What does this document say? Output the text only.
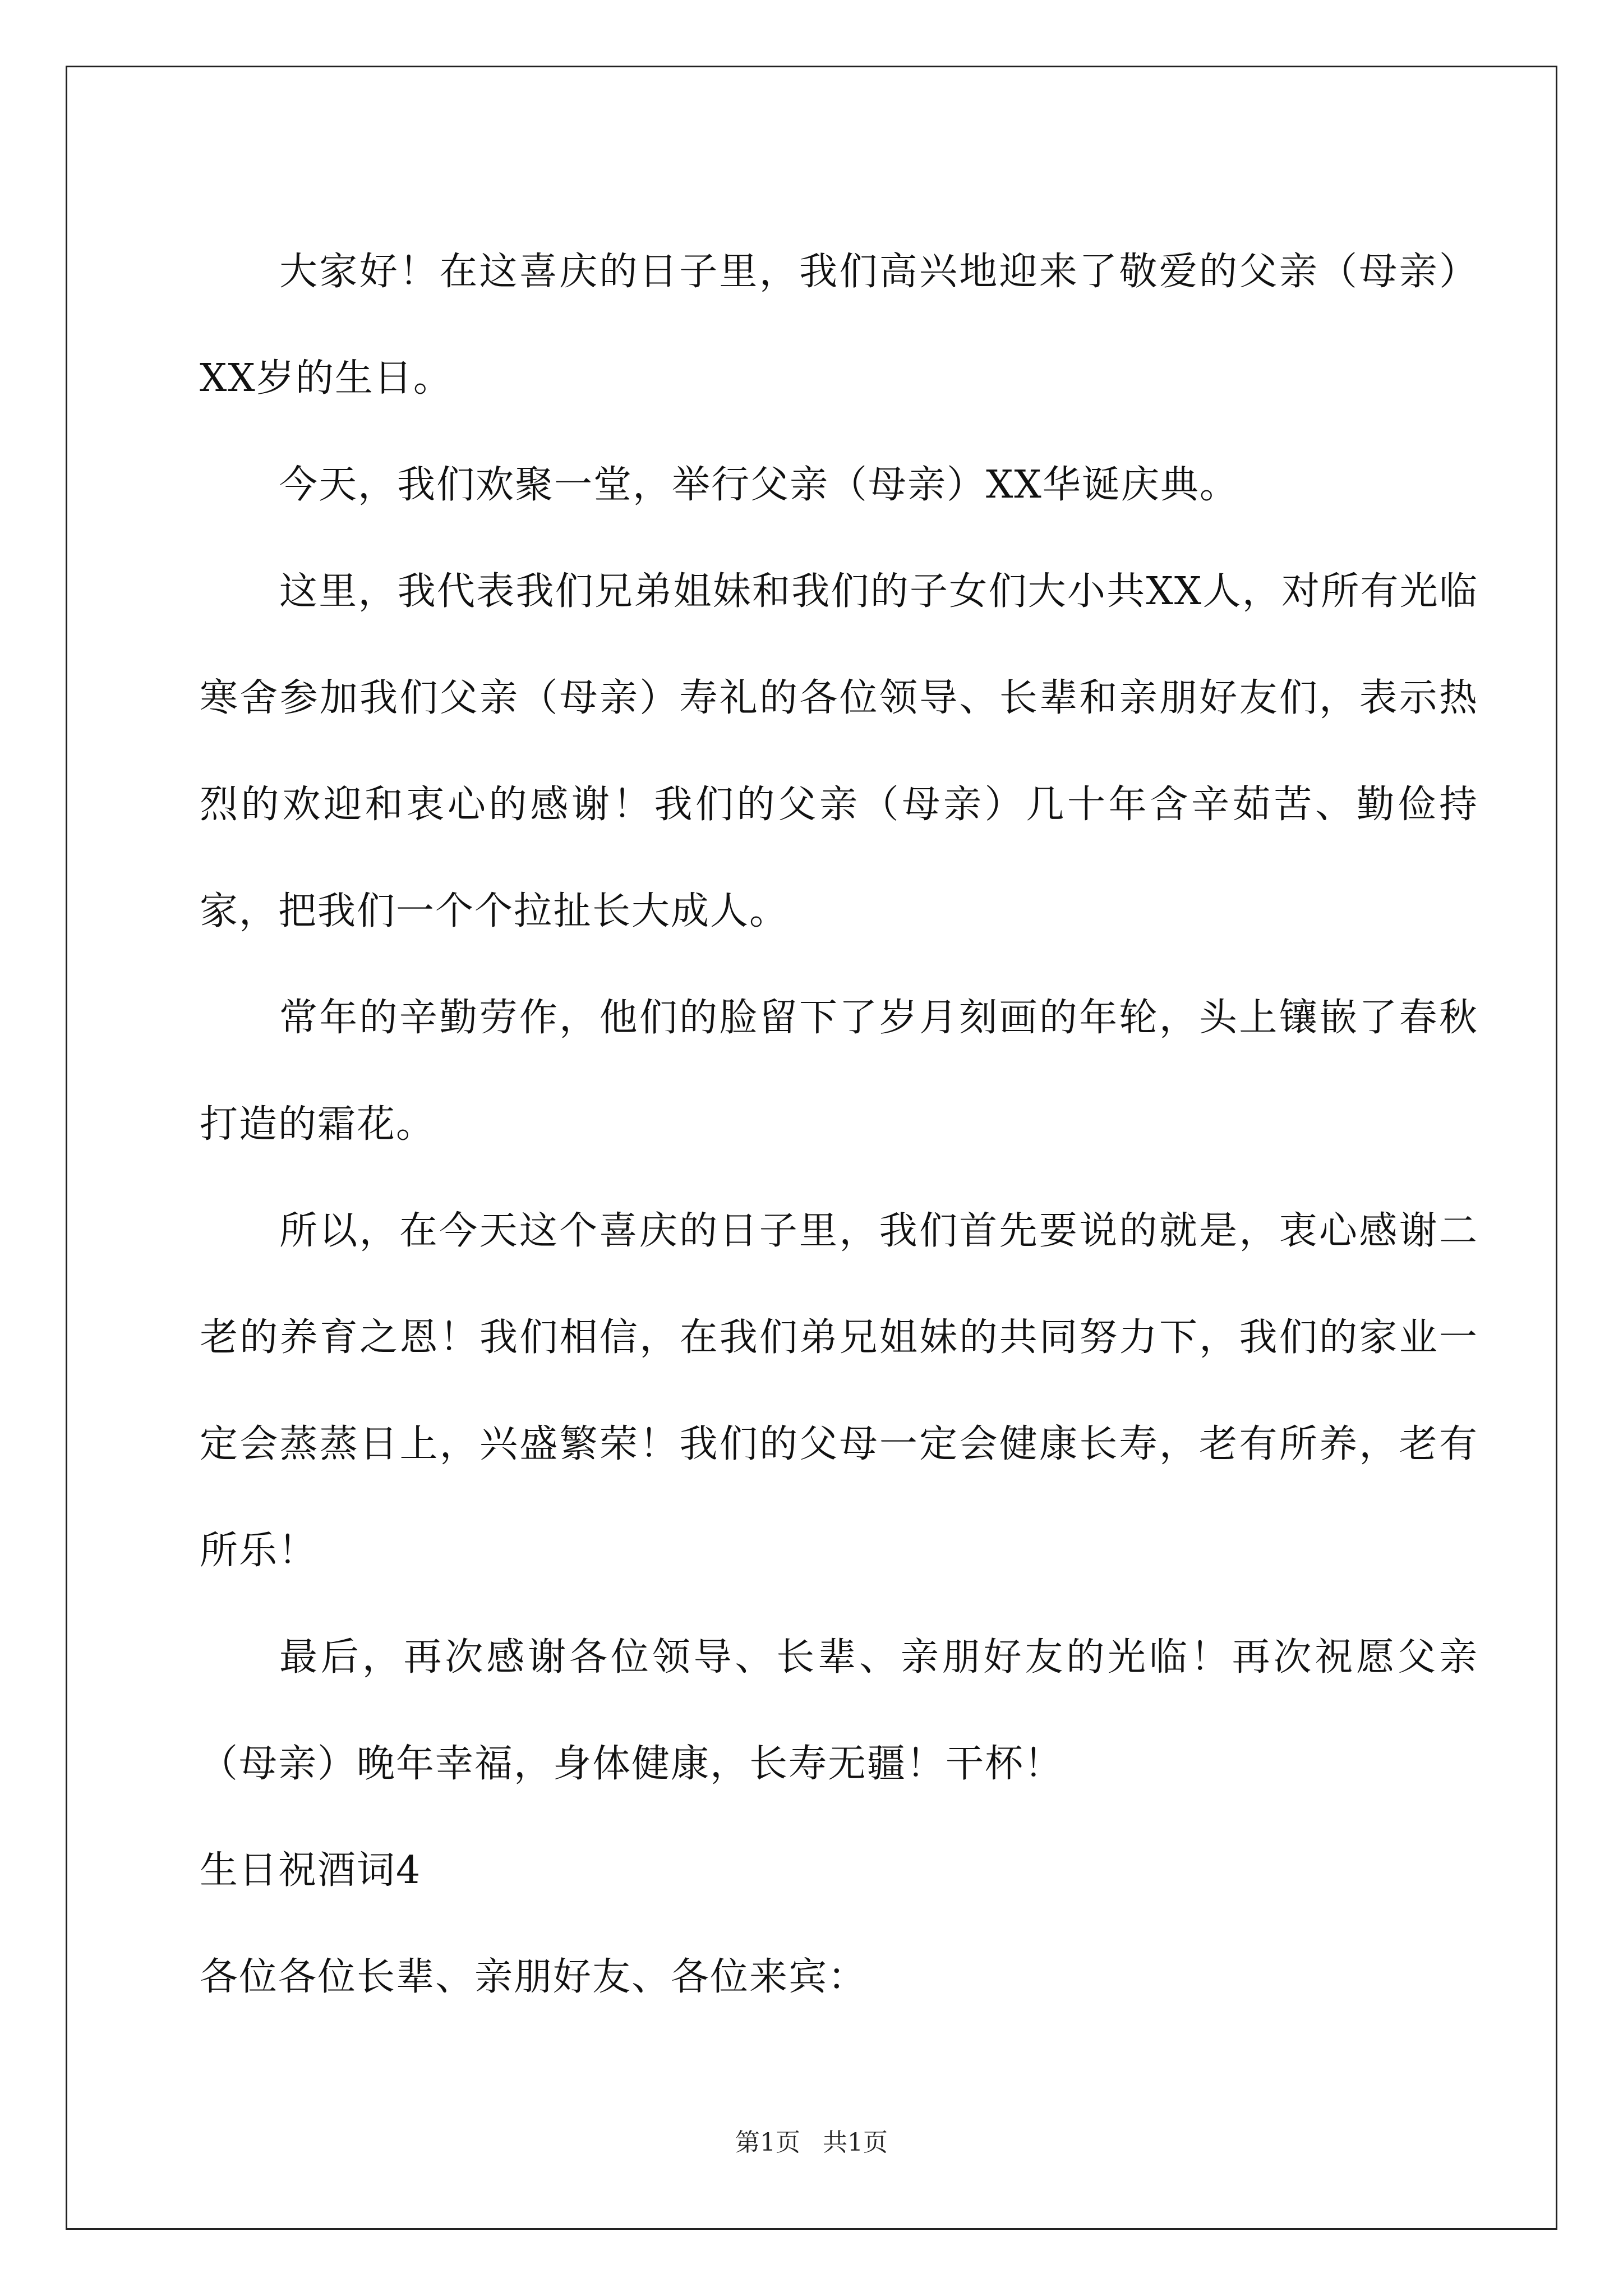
大家好！在这喜庆的日子里，我们高兴地迎来了敬爱的父亲（母亲）XX岁的生日。

今天，我们欢聚一堂，举行父亲（母亲）XX华诞庆典。

这里，我代表我们兄弟姐妹和我们的子女们大小共XX人，对所有光临寒舍参加我们父亲（母亲）寿礼的各位领导、长辈和亲朋好友们，表示热烈的欢迎和衷心的感谢！我们的父亲（母亲）几十年含辛茹苦、勤俭持家，把我们一个个拉扯长大成人。

常年的辛勤劳作，他们的脸留下了岁月刻画的年轮，头上镶嵌了春秋打造的霜花。

所以，在今天这个喜庆的日子里，我们首先要说的就是，衷心感谢二老的养育之恩！我们相信，在我们弟兄姐妹的共同努力下，我们的家业一定会蒸蒸日上，兴盛繁荣！我们的父母一定会健康长寿，老有所养，老有所乐！

最后，再次感谢各位领导、长辈、亲朋好友的光临！再次祝愿父亲（母亲）晚年幸福，身体健康，长寿无疆！干杯！

生日祝酒词4

各位各位长辈、亲朋好友、各位来宾：

第1页 共1页
